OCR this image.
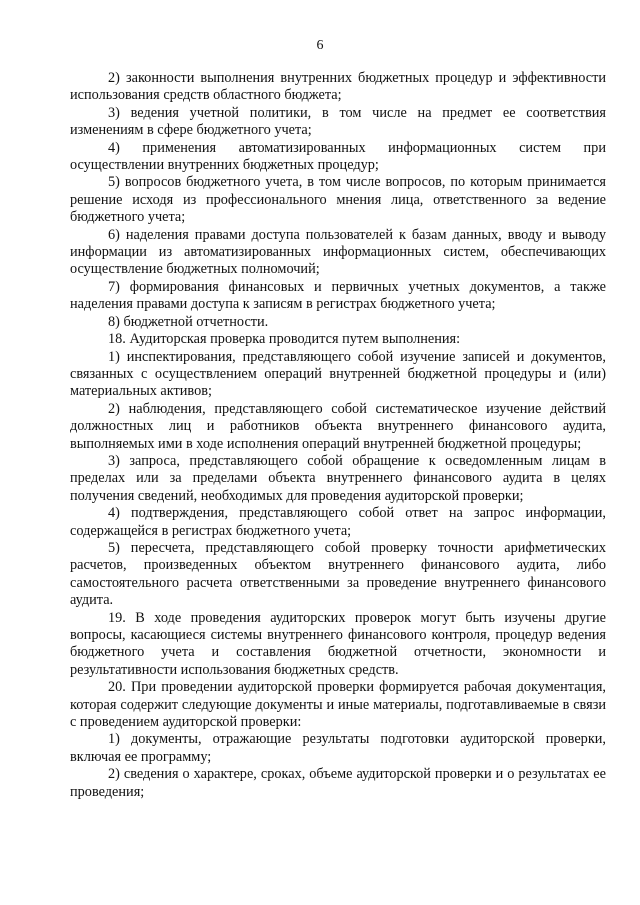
6

2) законности выполнения внутренних бюджетных процедур и эффективности использования средств областного бюджета;

3) ведения учетной политики, в том числе на предмет ее соответствия изменениям в сфере бюджетного учета;

4) применения автоматизированных информационных систем при осуществлении внутренних бюджетных процедур;

5) вопросов бюджетного учета, в том числе вопросов, по которым принимается решение исходя из профессионального мнения лица, ответственного за ведение бюджетного учета;

6) наделения правами доступа пользователей к базам данных, вводу и выводу информации из автоматизированных информационных систем, обеспечивающих осуществление бюджетных полномочий;

7) формирования финансовых и первичных учетных документов, а также наделения правами доступа к записям в регистрах бюджетного учета;

8) бюджетной отчетности.

18. Аудиторская проверка проводится путем выполнения:

1) инспектирования, представляющего собой изучение записей и документов, связанных с осуществлением операций внутренней бюджетной процедуры и (или) материальных активов;

2) наблюдения, представляющего собой систематическое изучение действий должностных лиц и работников объекта внутреннего финансового аудита, выполняемых ими в ходе исполнения операций внутренней бюджетной процедуры;

3) запроса, представляющего собой обращение к осведомленным лицам в пределах или за пределами объекта внутреннего финансового аудита в целях получения сведений, необходимых для проведения аудиторской проверки;

4) подтверждения, представляющего собой ответ на запрос информации, содержащейся в регистрах бюджетного учета;

5) пересчета, представляющего собой проверку точности арифметических расчетов, произведенных объектом внутреннего финансового аудита, либо самостоятельного расчета ответственными за проведение внутреннего финансового аудита.

19. В ходе проведения аудиторских проверок могут быть изучены другие вопросы, касающиеся системы внутреннего финансового контроля, процедур ведения бюджетного учета и составления бюджетной отчетности, экономности и результативности использования бюджетных средств.

20. При проведении аудиторской проверки формируется рабочая документация, которая содержит следующие документы и иные материалы, подготавливаемые в связи с проведением аудиторской проверки:

1) документы, отражающие результаты подготовки аудиторской проверки, включая ее программу;

2) сведения о характере, сроках, объеме аудиторской проверки и о результатах ее проведения;
